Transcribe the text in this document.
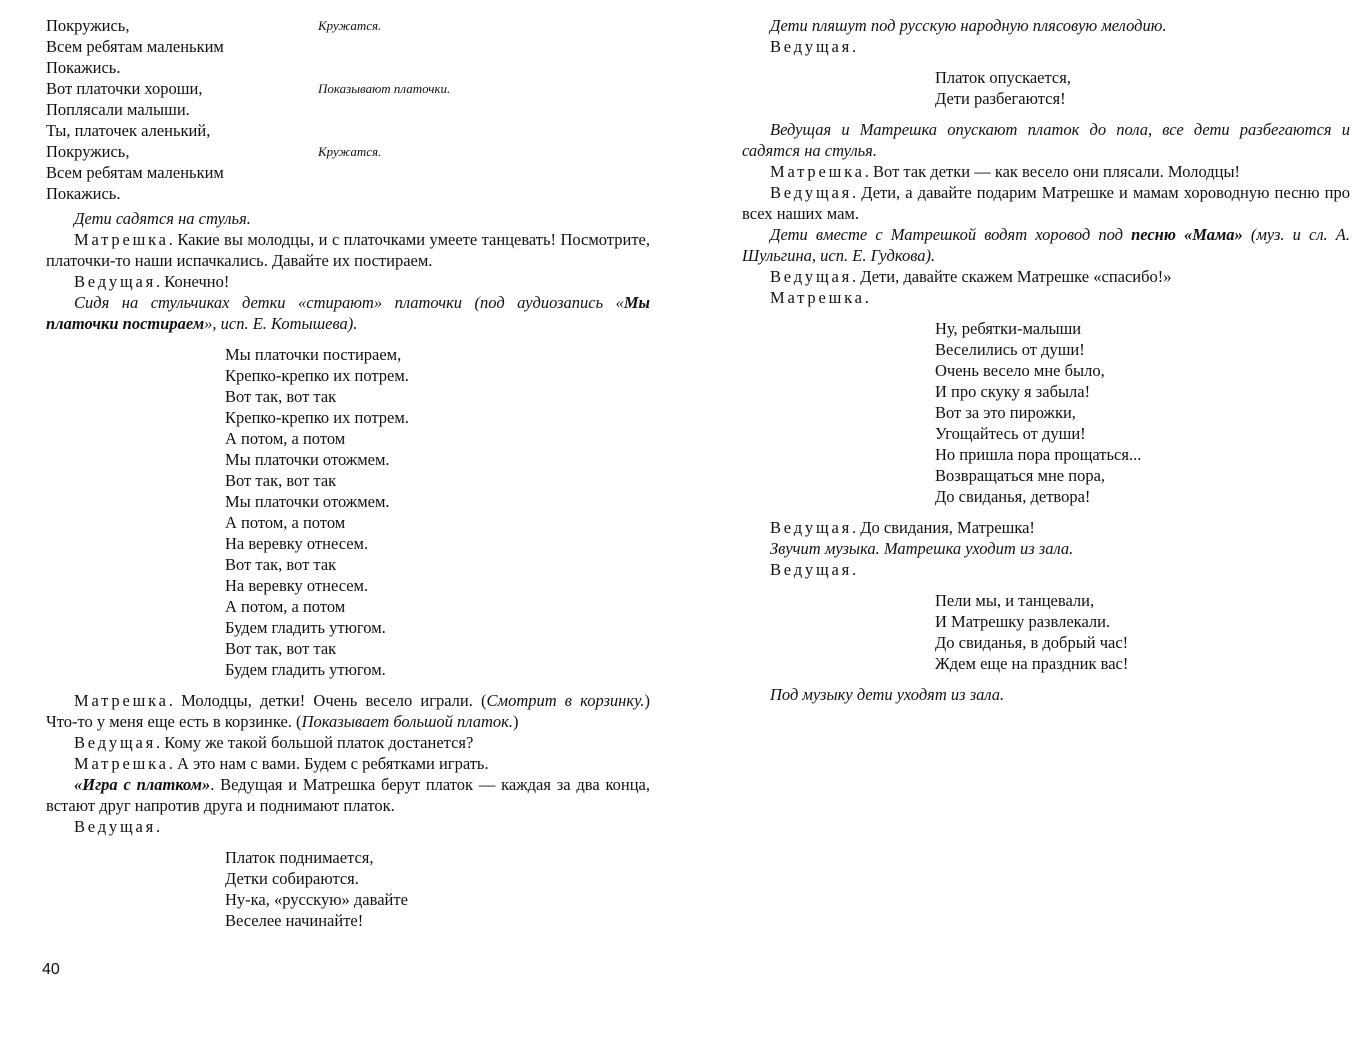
Покружись,
Всем ребятам маленьким
Покажись.
Вот платочки хороши,
Поплясали малыши.
Ты, платочек аленький,
Покружись,
Всем ребятам маленьким
Покажись.
Кружатся.
Показывают платочки.
Кружатся.

Дети садятся на стулья.

Матрешка. Какие вы молодцы, и с платочками умеете танцевать! Посмотрите, платочки-то наши испачкались. Давайте их постираем.

Ведущая. Конечно!

Сидя на стульчиках детки «стирают» платочки (под аудиозапись «Мы платочки постираем», исп. Е. Котышева).

Мы платочки постираем,
Крепко-крепко их потрем.
Вот так, вот так
Крепко-крепко их потрем.
А потом, а потом
Мы платочки отожмем.
Вот так, вот так
Мы платочки отожмем.
А потом, а потом
На веревку отнесем.
Вот так, вот так
На веревку отнесем.
А потом, а потом
Будем гладить утюгом.
Вот так, вот так
Будем гладить утюгом.

Матрешка. Молодцы, детки! Очень весело играли. (Смотрит в корзинку.) Что-то у меня еще есть в корзинке. (Показывает большой платок.)

Ведущая. Кому же такой большой платок достанется?

Матрешка. А это нам с вами. Будем с ребятками играть.

«Игра с платком». Ведущая и Матрешка берут платок — каждая за два конца, встают друг напротив друга и поднимают платок.

Ведущая.

Платок поднимается,
Детки собираются.
Ну-ка, «русскую» давайте
Веселее начинайте!
40

Дети пляшут под русскую народную плясовую мелодию.

Ведущая.

Платок опускается,
Дети разбегаются!

Ведущая и Матрешка опускают платок до пола, все дети разбегаются и садятся на стулья.

Матрешка. Вот так детки — как весело они плясали. Молодцы!

Ведущая. Дети, а давайте подарим Матрешке и мамам хороводную песню про всех наших мам.

Дети вместе с Матрешкой водят хоровод под песню «Мама» (муз. и сл. А. Шульгина, исп. Е. Гудкова).

Ведущая. Дети, давайте скажем Матрешке «спасибо!»

Матрешка.

Ну, ребятки-малыши
Веселились от души!
Очень весело мне было,
И про скуку я забыла!
Вот за это пирожки,
Угощайтесь от души!
Но пришла пора прощаться...
Возвращаться мне пора,
До свиданья, детвора!

Ведущая. До свидания, Матрешка!

Звучит музыка. Матрешка уходит из зала.

Ведущая.

Пели мы, и танцевали,
И Матрешку развлекали.
До свиданья, в добрый час!
Ждем еще на праздник вас!

Под музыку дети уходят из зала.
